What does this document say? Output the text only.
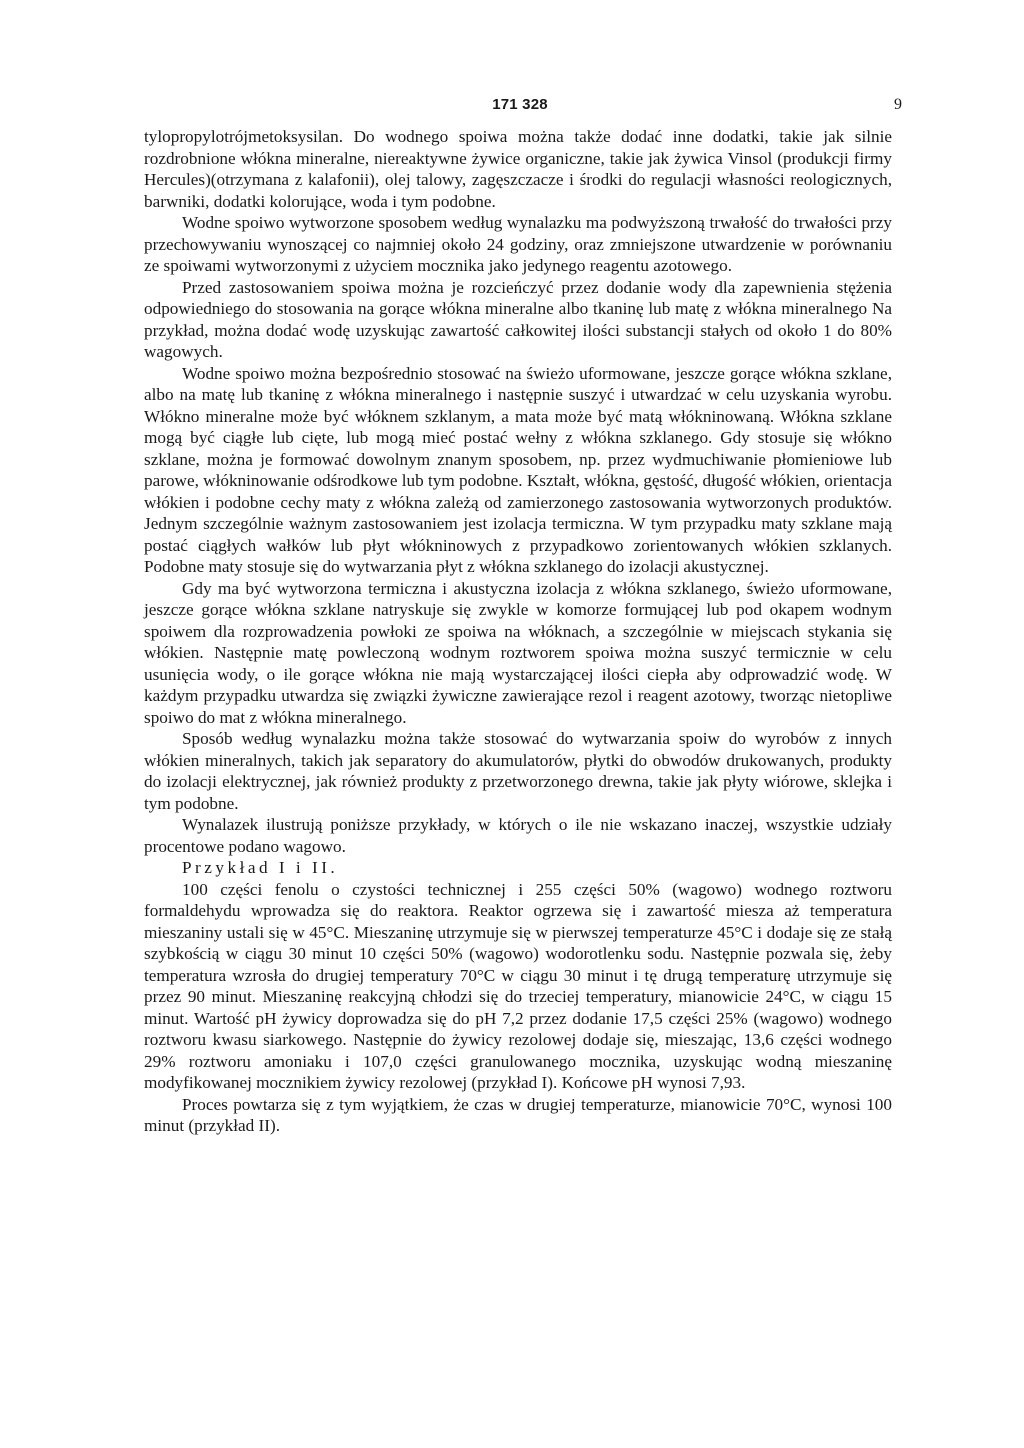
171 328	9

tylopropylotrójmetoksysilan. Do wodnego spoiwa można także dodać inne dodatki, takie jak silnie rozdrobnione włókna mineralne, niereaktywne żywice organiczne, takie jak żywica Vinsol (produkcji firmy Hercules)(otrzymana z kalafonii), olej talowy, zagęszczacze i środki do regulacji własności reologicznych, barwniki, dodatki kolorujące, woda i tym podobne.

Wodne spoiwo wytworzone sposobem według wynalazku ma podwyższoną trwałość do trwałości przy przechowywaniu wynoszącej co najmniej około 24 godziny, oraz zmniejszone utwardzenie w porównaniu ze spoiwami wytworzonymi z użyciem mocznika jako jedynego reagentu azotowego.

Przed zastosowaniem spoiwa można je rozcieńczyć przez dodanie wody dla zapewnienia stężenia odpowiedniego do stosowania na gorące włókna mineralne albo tkaninę lub matę z włókna mineralnego Na przykład, można dodać wodę uzyskując zawartość całkowitej ilości substancji stałych od około 1 do 80% wagowych.

Wodne spoiwo można bezpośrednio stosować na świeżo uformowane, jeszcze gorące włókna szklane, albo na matę lub tkaninę z włókna mineralnego i następnie suszyć i utwardzać w celu uzyskania wyrobu. Włókno mineralne może być włóknem szklanym, a mata może być matą włókninowaną. Włókna szklane mogą być ciągłe lub cięte, lub mogą mieć postać wełny z włókna szklanego. Gdy stosuje się włókno szklane, można je formować dowolnym znanym sposobem, np. przez wydmuchiwanie płomieniowe lub parowe, włókninowanie odśrodkowe lub tym podobne. Kształt, włókna, gęstość, długość włókien, orientacja włókien i podobne cechy maty z włókna zależą od zamierzonego zastosowania wytworzonych produktów. Jednym szczególnie ważnym zastosowaniem jest izolacja termiczna. W tym przypadku maty szklane mają postać ciągłych wałków lub płyt włókninowych z przypadkowo zorientowanych włókien szklanych. Podobne maty stosuje się do wytwarzania płyt z włókna szklanego do izolacji akustycznej.

Gdy ma być wytworzona termiczna i akustyczna izolacja z włókna szklanego, świeżo uformowane, jeszcze gorące włókna szklane natryskuje się zwykle w komorze formującej lub pod okapem wodnym spoiwem dla rozprowadzenia powłoki ze spoiwa na włóknach, a szczególnie w miejscach stykania się włókien. Następnie matę powleczoną wodnym roztworem spoiwa można suszyć termicznie w celu usunięcia wody, o ile gorące włókna nie mają wystarczającej ilości ciepła aby odprowadzić wodę. W każdym przypadku utwardza się związki żywiczne zawierające rezol i reagent azotowy, tworząc nietopliwe spoiwo do mat z włókna mineralnego.

Sposób według wynalazku można także stosować do wytwarzania spoiw do wyrobów z innych włókien mineralnych, takich jak separatory do akumulatorów, płytki do obwodów drukowanych, produkty do izolacji elektrycznej, jak również produkty z przetworzonego drewna, takie jak płyty wiórowe, sklejka i tym podobne.

Wynalazek ilustrują poniższe przykłady, w których o ile nie wskazano inaczej, wszystkie udziały procentowe podano wagowo.

Przykład I i II.

100 części fenolu o czystości technicznej i 255 części 50% (wagowo) wodnego roztworu formaldehydu wprowadza się do reaktora. Reaktor ogrzewa się i zawartość miesza aż temperatura mieszaniny ustali się w 45°C. Mieszaninę utrzymuje się w pierwszej temperaturze 45°C i dodaje się ze stałą szybkością w ciągu 30 minut 10 części 50% (wagowo) wodorotlenku sodu. Następnie pozwala się, żeby temperatura wzrosła do drugiej temperatury 70°C w ciągu 30 minut i tę drugą temperaturę utrzymuje się przez 90 minut. Mieszaninę reakcyjną chłodzi się do trzeciej temperatury, mianowicie 24°C, w ciągu 15 minut. Wartość pH żywicy doprowadza się do pH 7,2 przez dodanie 17,5 części 25% (wagowo) wodnego roztworu kwasu siarkowego. Następnie do żywicy rezolowej dodaje się, mieszając, 13,6 części wodnego 29% roztworu amoniaku i 107,0 części granulowanego mocznika, uzyskując wodną mieszaninę modyfikowanej mocznikiem żywicy rezolowej (przykład I). Końcowe pH wynosi 7,93.

Proces powtarza się z tym wyjątkiem, że czas w drugiej temperaturze, mianowicie 70°C, wynosi 100 minut (przykład II).
